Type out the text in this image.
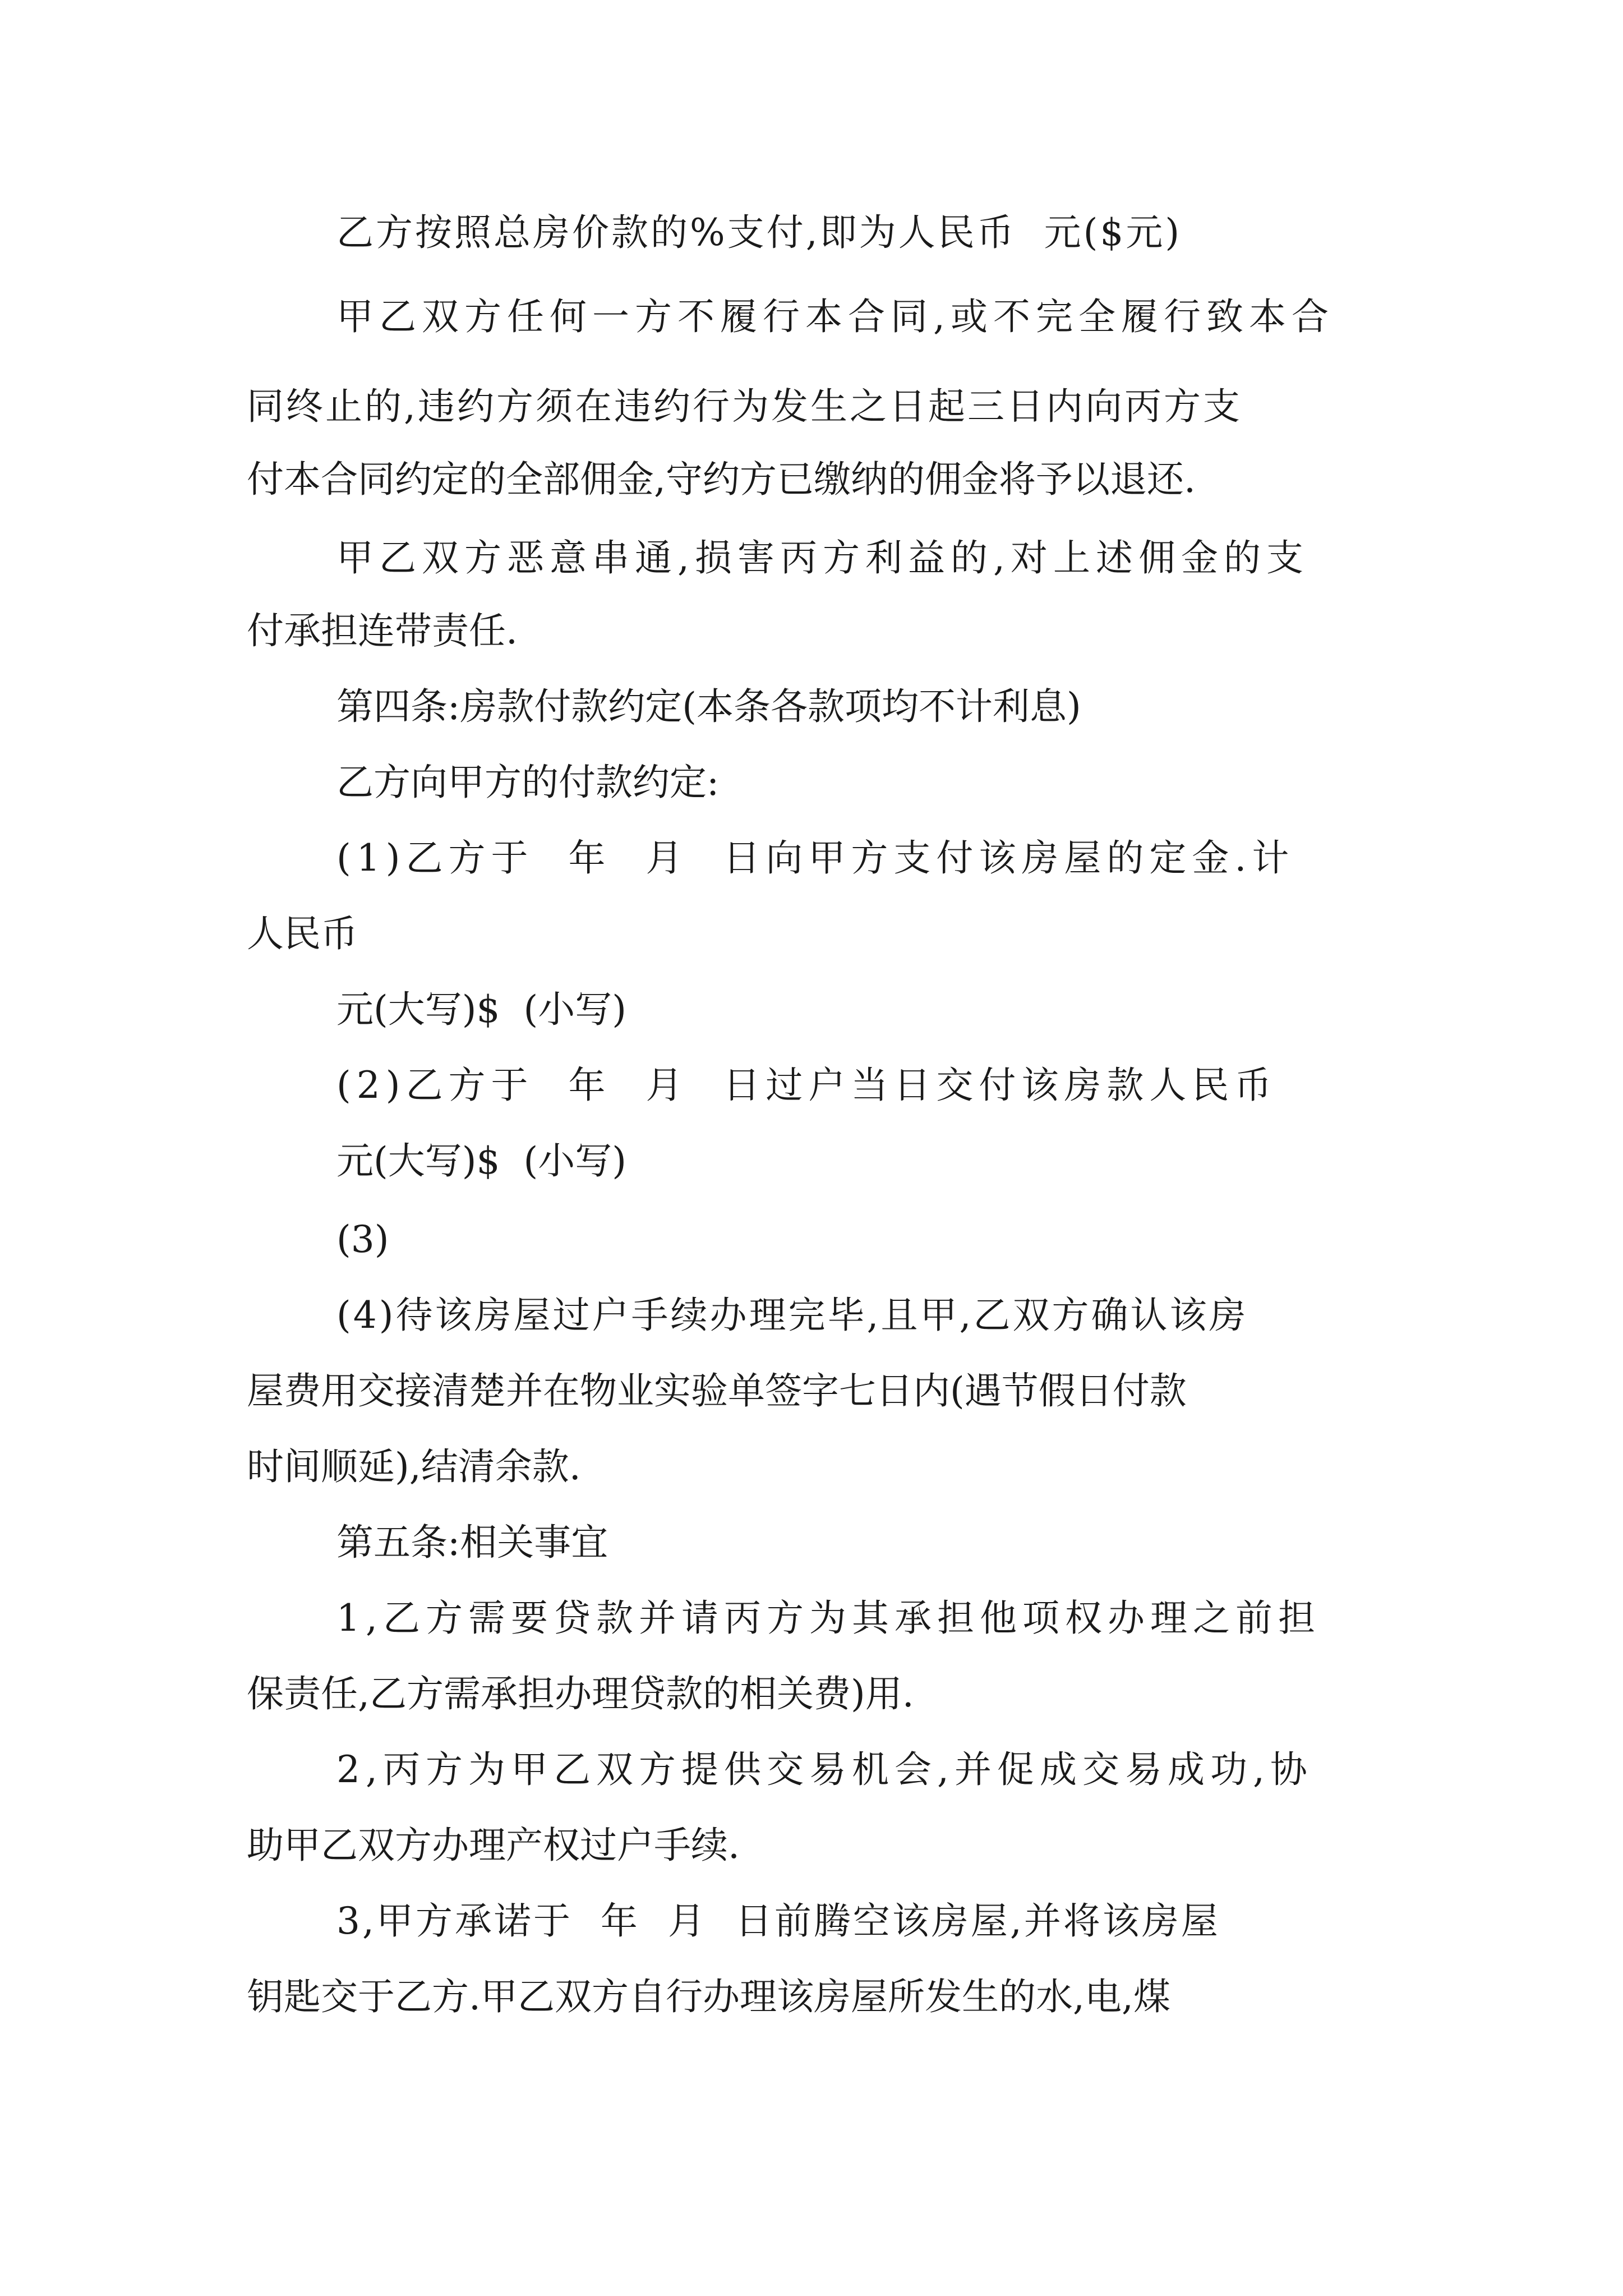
乙方按照总房价款的%支付,即为人民币  元($元)
甲乙双方任何一方不履行本合同,或不完全履行致本合
同终止的,违约方须在违约行为发生之日起三日内向丙方支
付本合同约定的全部佣金,守约方已缴纳的佣金将予以退还.
甲乙双方恶意串通,损害丙方利益的,对上述佣金的支
付承担连带责任.
第四条:房款付款约定(本条各款项均不计利息)
乙方向甲方的付款约定:
(1)乙方于  年  月  日向甲方支付该房屋的定金.计
人民币
元(大写)$  (小写)
(2)乙方于  年  月  日过户当日交付该房款人民币
元(大写)$  (小写)
(3)
(4)待该房屋过户手续办理完毕,且甲,乙双方确认该房
屋费用交接清楚并在物业实验单签字七日内(遇节假日付款
时间顺延),结清余款.
第五条:相关事宜
1,乙方需要贷款并请丙方为其承担他项权办理之前担
保责任,乙方需承担办理贷款的相关费)用.
2,丙方为甲乙双方提供交易机会,并促成交易成功,协
助甲乙双方办理产权过户手续.
3,甲方承诺于  年  月  日前腾空该房屋,并将该房屋
钥匙交于乙方.甲乙双方自行办理该房屋所发生的水,电,煤
